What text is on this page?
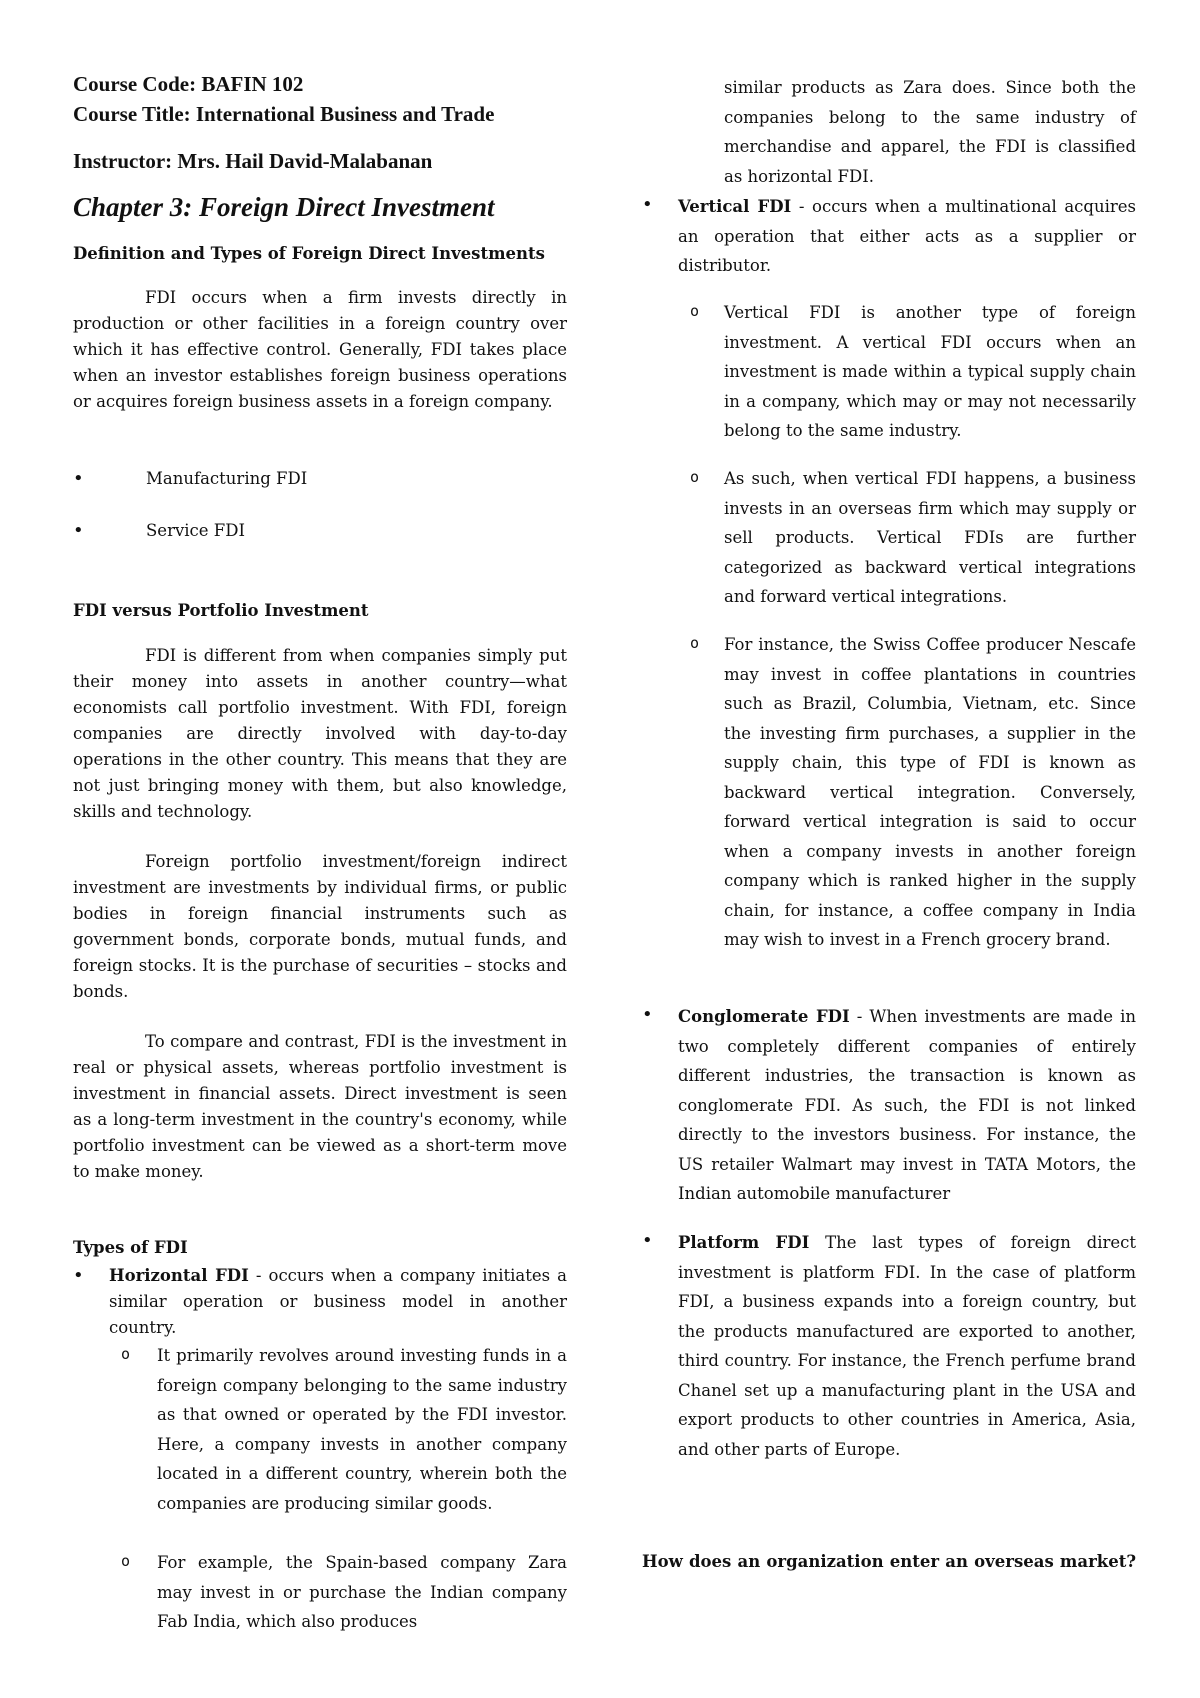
Course Code: BAFIN 102
Course Title: International Business and Trade
Instructor: Mrs. Hail David-Malabanan
Chapter 3: Foreign Direct Investment
Definition and Types of Foreign Direct Investments

FDI occurs when a firm invests directly in production or other facilities in a foreign country over which it has effective control. Generally, FDI takes place when an investor establishes foreign business operations or acquires foreign business assets in a foreign company.

•	Manufacturing FDI
•	Service FDI
FDI versus Portfolio Investment

FDI is different from when companies simply put their money into assets in another country—what economists call portfolio investment. With FDI, foreign companies are directly involved with day-to-day operations in the other country. This means that they are not just bringing money with them, but also knowledge, skills and technology.

Foreign portfolio investment/foreign indirect investment are investments by individual firms, or public bodies in foreign financial instruments such as government bonds, corporate bonds, mutual funds, and foreign stocks. It is the purchase of securities – stocks and bonds.

To compare and contrast, FDI is the investment in real or physical assets, whereas portfolio investment is investment in financial assets. Direct investment is seen as a long-term investment in the country's economy, while portfolio investment can be viewed as a short-term move to make money.

Types of FDI
•	Horizontal FDI - occurs when a company initiates a similar operation or business model in another country.
o	It primarily revolves around investing funds in a foreign company belonging to the same industry as that owned or operated by the FDI investor. Here, a company invests in another company located in a different country, wherein both the companies are producing similar goods.
o	For example, the Spain-based company Zara may invest in or purchase the Indian company Fab India, which also produces
similar products as Zara does. Since both the companies belong to the same industry of merchandise and apparel, the FDI is classified as horizontal FDI.
•	Vertical FDI - occurs when a multinational acquires an operation that either acts as a supplier or distributor.
o	Vertical FDI is another type of foreign investment. A vertical FDI occurs when an investment is made within a typical supply chain in a company, which may or may not necessarily belong to the same industry.
o	As such, when vertical FDI happens, a business invests in an overseas firm which may supply or sell products. Vertical FDIs are further categorized as backward vertical integrations and forward vertical integrations.
o	For instance, the Swiss Coffee producer Nescafe may invest in coffee plantations in countries such as Brazil, Columbia, Vietnam, etc. Since the investing firm purchases, a supplier in the supply chain, this type of FDI is known as backward vertical integration. Conversely, forward vertical integration is said to occur when a company invests in another foreign company which is ranked higher in the supply chain, for instance, a coffee company in India may wish to invest in a French grocery brand.
•	Conglomerate FDI - When investments are made in two completely different companies of entirely different industries, the transaction is known as conglomerate FDI. As such, the FDI is not linked directly to the investors business. For instance, the US retailer Walmart may invest in TATA Motors, the Indian automobile manufacturer
•	Platform FDI The last types of foreign direct investment is platform FDI. In the case of platform FDI, a business expands into a foreign country, but the products manufactured are exported to another, third country. For instance, the French perfume brand Chanel set up a manufacturing plant in the USA and export products to other countries in America, Asia, and other parts of Europe.
How does an organization enter an overseas market?
